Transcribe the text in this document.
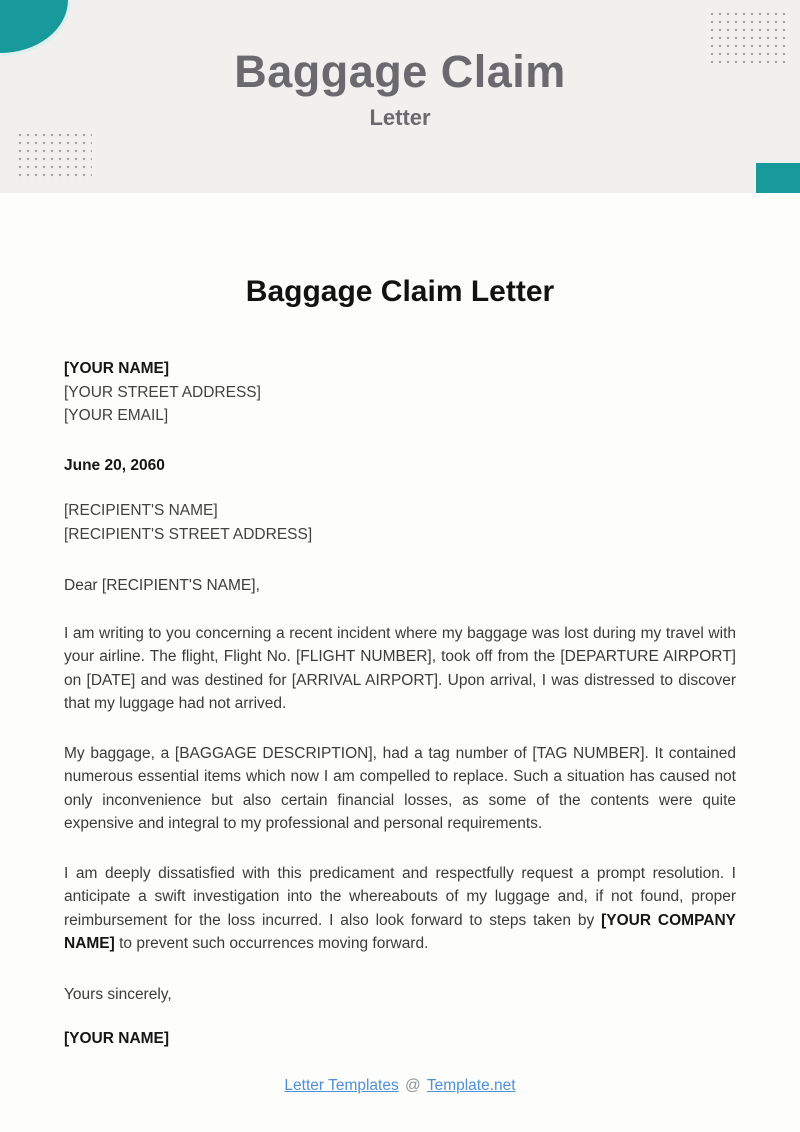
Baggage Claim
Letter
Baggage Claim Letter
[YOUR NAME]
[YOUR STREET ADDRESS]
[YOUR EMAIL]
June 20, 2060
[RECIPIENT'S NAME]
[RECIPIENT'S STREET ADDRESS]
Dear [RECIPIENT'S NAME],

I am writing to you concerning a recent incident where my baggage was lost during my travel with your airline. The flight, Flight No. [FLIGHT NUMBER], took off from the [DEPARTURE AIRPORT] on [DATE] and was destined for [ARRIVAL AIRPORT]. Upon arrival, I was distressed to discover that my luggage had not arrived.

My baggage, a [BAGGAGE DESCRIPTION], had a tag number of [TAG NUMBER]. It contained numerous essential items which now I am compelled to replace. Such a situation has caused not only inconvenience but also certain financial losses, as some of the contents were quite expensive and integral to my professional and personal requirements.

I am deeply dissatisfied with this predicament and respectfully request a prompt resolution. I anticipate a swift investigation into the whereabouts of my luggage and, if not found, proper reimbursement for the loss incurred. I also look forward to steps taken by [YOUR COMPANY NAME] to prevent such occurrences moving forward.

Yours sincerely,
[YOUR NAME]
Letter Templates @ Template.net
